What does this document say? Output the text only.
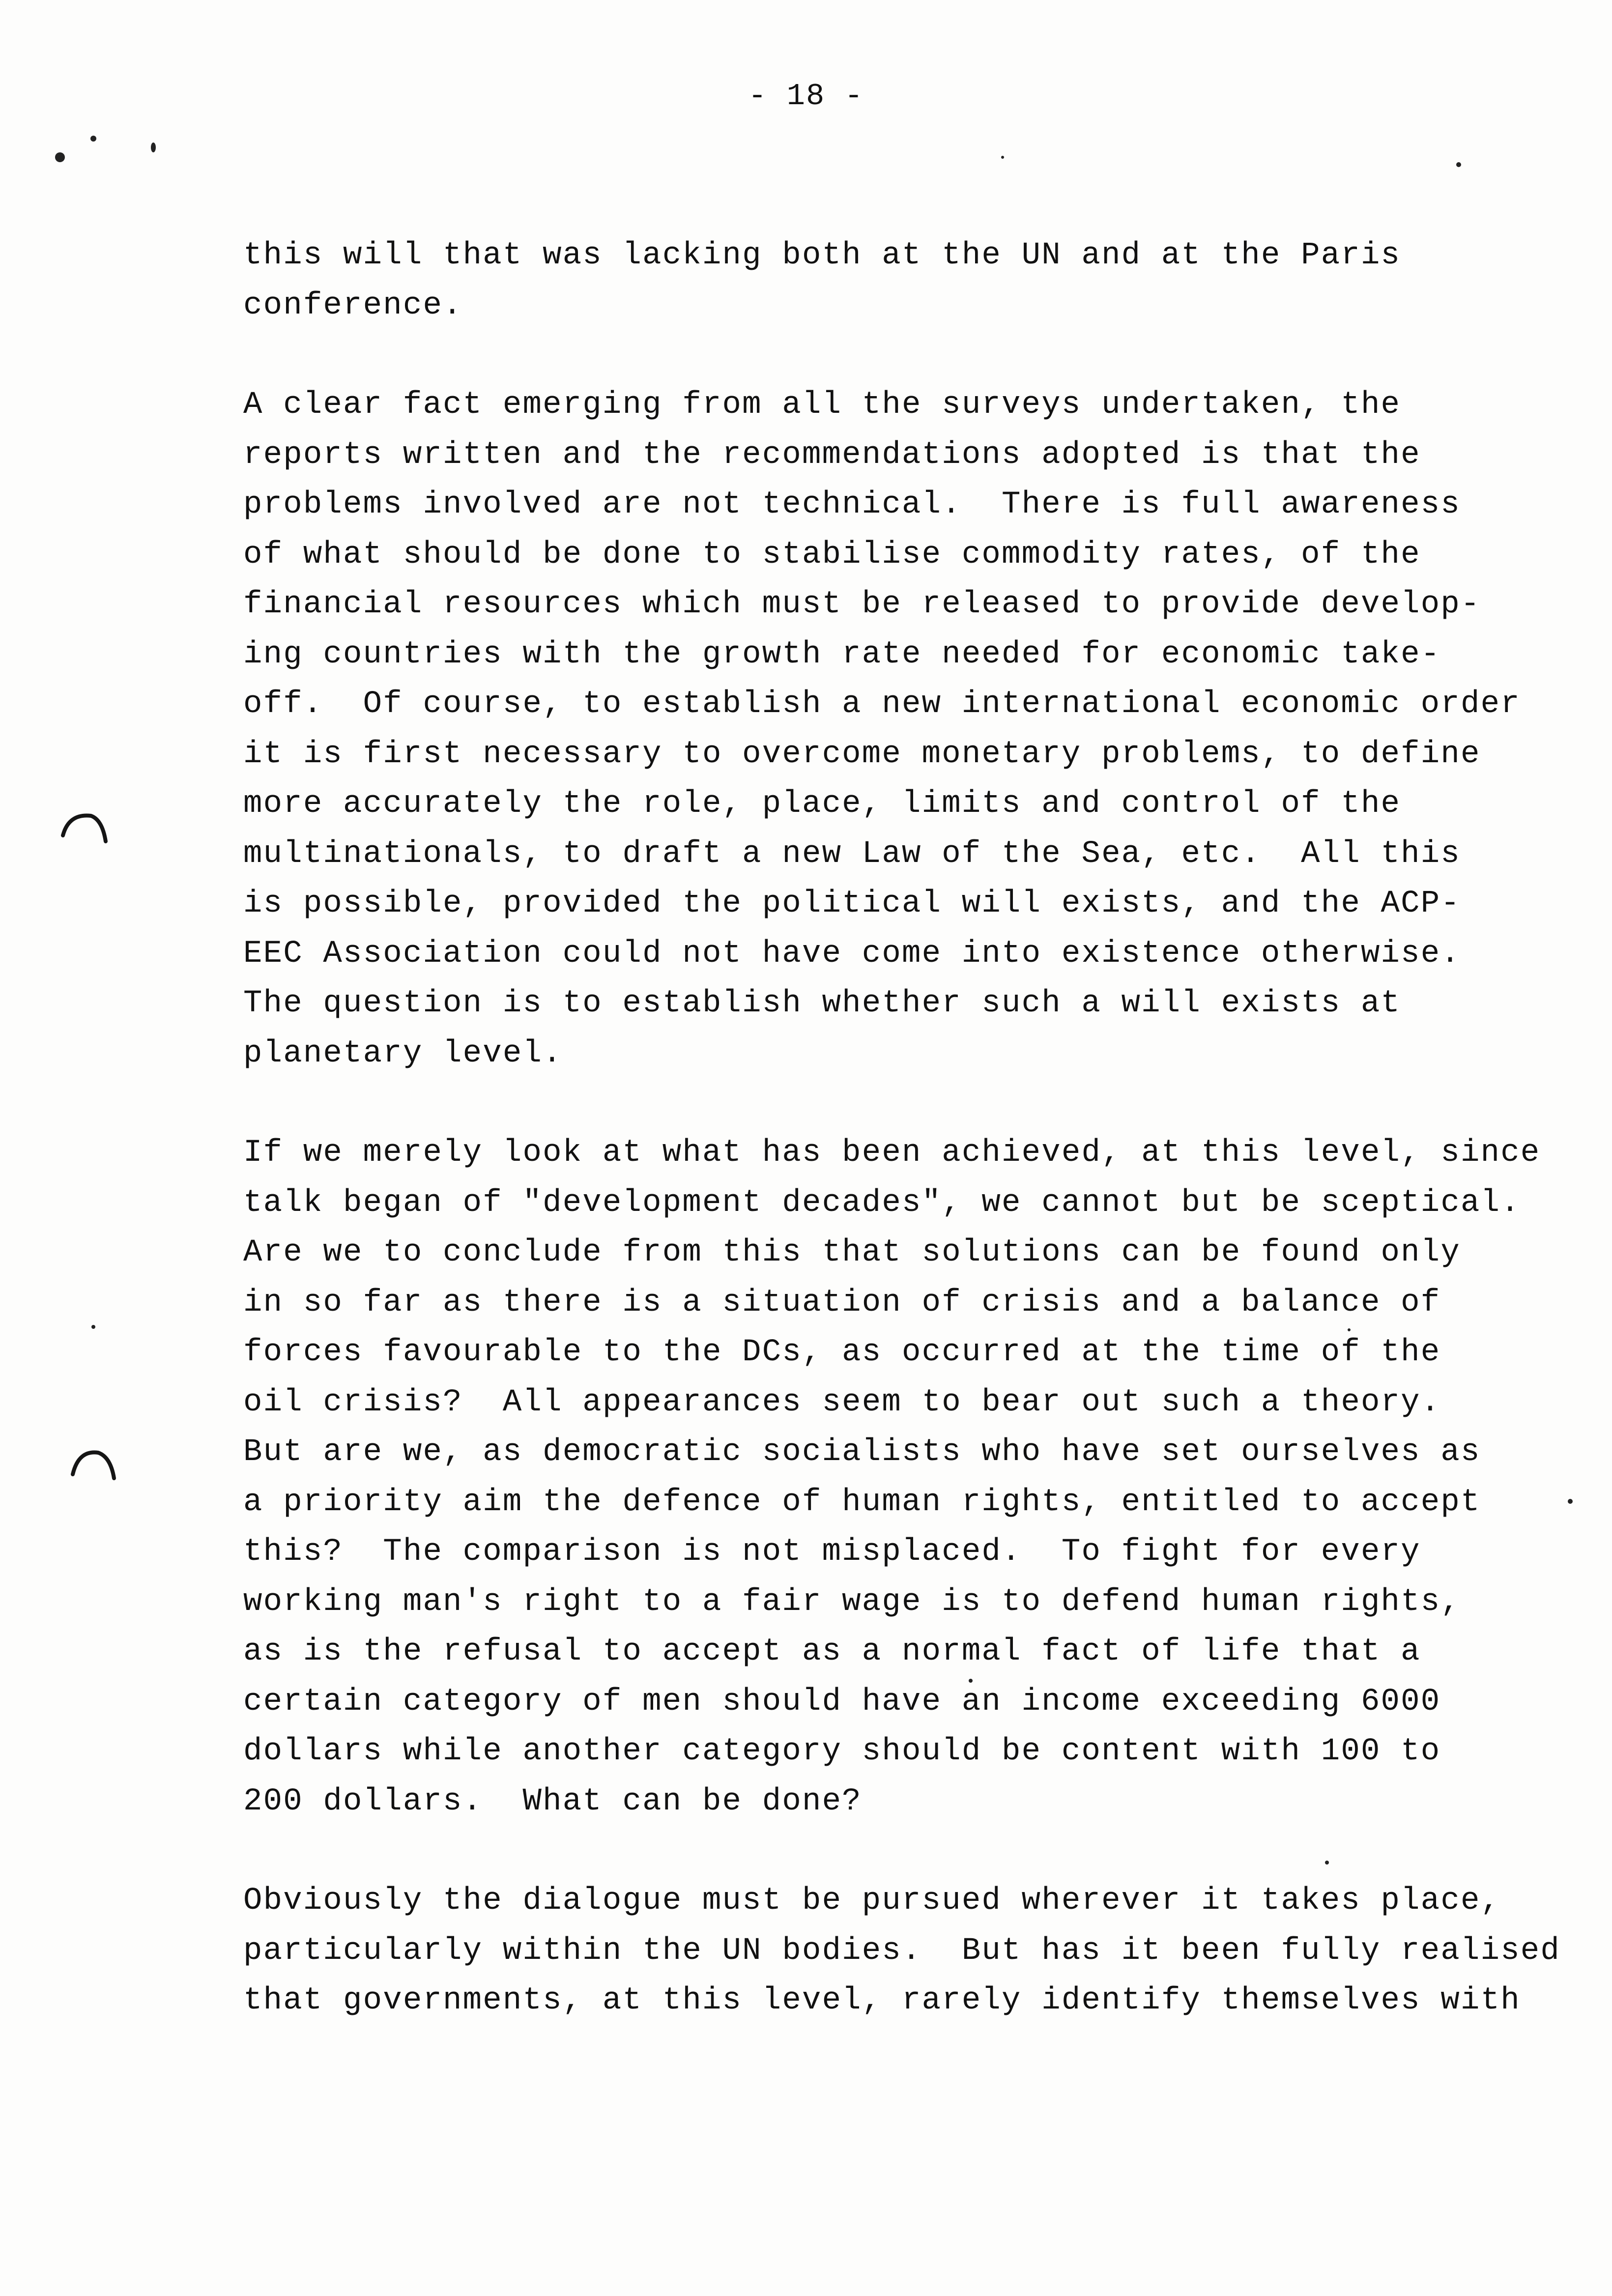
- 18 -
this will that was lacking both at the UN and at the Paris
conference.
A clear fact emerging from all the surveys undertaken, the
reports written and the recommendations adopted is that the
problems involved are not technical.  There is full awareness
of what should be done to stabilise commodity rates, of the
financial resources which must be released to provide develop-
ing countries with the growth rate needed for economic take-
off.  Of course, to establish a new international economic order
it is first necessary to overcome monetary problems, to define
more accurately the role, place, limits and control of the
multinationals, to draft a new Law of the Sea, etc.  All this
is possible, provided the political will exists, and the ACP-
EEC Association could not have come into existence otherwise.
The question is to establish whether such a will exists at
planetary level.
If we merely look at what has been achieved, at this level, since
talk began of "development decades", we cannot but be sceptical.
Are we to conclude from this that solutions can be found only
in so far as there is a situation of crisis and a balance of
forces favourable to the DCs, as occurred at the time of the
oil crisis?  All appearances seem to bear out such a theory.
But are we, as democratic socialists who have set ourselves as
a priority aim the defence of human rights, entitled to accept
this?  The comparison is not misplaced.  To fight for every
working man's right to a fair wage is to defend human rights,
as is the refusal to accept as a normal fact of life that a
certain category of men should have an income exceeding 6000
dollars while another category should be content with 100 to
200 dollars.  What can be done?
Obviously the dialogue must be pursued wherever it takes place,
particularly within the UN bodies.  But has it been fully realised
that governments, at this level, rarely identify themselves with
